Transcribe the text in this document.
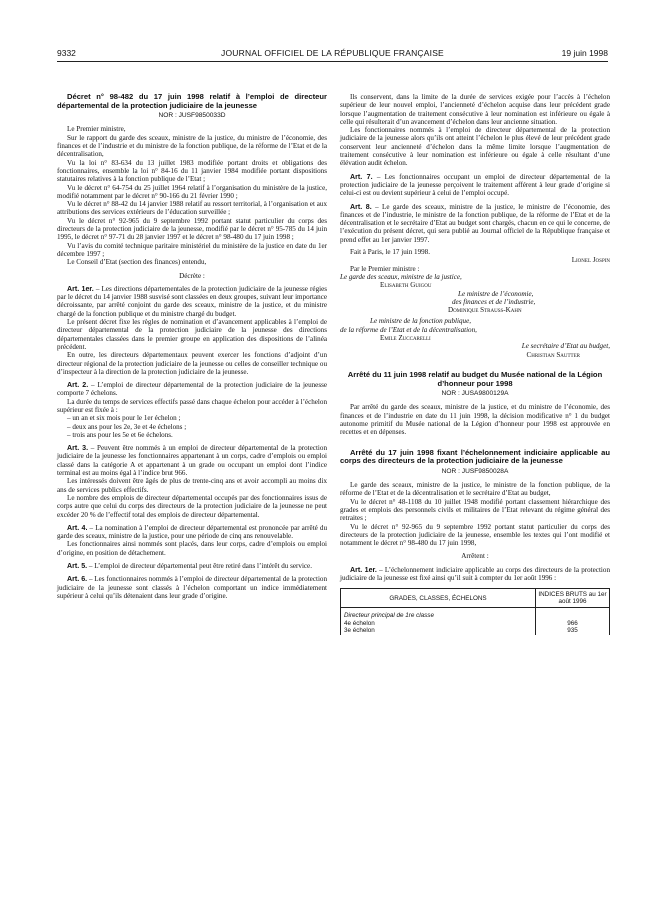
9332	JOURNAL OFFICIEL DE LA RÉPUBLIQUE FRANÇAISE	19 juin 1998

Décret n° 98-482 du 17 juin 1998 relatif à l’emploi de directeur départemental de la protection judiciaire de la jeunesse

NOR : JUSF9850033D

Le Premier ministre,

Sur le rapport du garde des sceaux, ministre de la justice, du ministre de l’économie, des finances et de l’industrie et du ministre de la fonction publique, de la réforme de l’Etat et de la décentralisation,

Vu la loi n° 83-634 du 13 juillet 1983 modifiée portant droits et obligations des fonctionnaires, ensemble la loi n° 84-16 du 11 janvier 1984 modifiée portant dispositions statutaires relatives à la fonction publique de l’Etat ;

Vu le décret n° 64-754 du 25 juillet 1964 relatif à l’organisation du ministère de la justice, modifié notamment par le décret n° 90-166 du 21 février 1990 ;

Vu le décret n° 88-42 du 14 janvier 1988 relatif au ressort territorial, à l’organisation et aux attributions des services extérieurs de l’éducation surveillée ;

Vu le décret n° 92-965 du 9 septembre 1992 portant statut particulier du corps des directeurs de la protection judiciaire de la jeunesse, modifié par le décret n° 95-785 du 14 juin 1995, le décret n° 97-71 du 28 janvier 1997 et le décret n° 98-480 du 17 juin 1998 ;

Vu l’avis du comité technique paritaire ministériel du ministère de la justice en date du 1er décembre 1997 ;

Le Conseil d’Etat (section des finances) entendu,

Décrète :

Art. 1er. – Les directions départementales de la protection judiciaire de la jeunesse régies par le décret du 14 janvier 1988 susvisé sont classées en deux groupes, suivant leur importance décroissante, par arrêté conjoint du garde des sceaux, ministre de la justice, et du ministre chargé de la fonction publique et du ministre chargé du budget.

Le présent décret fixe les règles de nomination et d’avancement applicables à l’emploi de directeur départemental de la protection judiciaire de la jeunesse des directions départementales classées dans le premier groupe en application des dispositions de l’alinéa précédent.

En outre, les directeurs départementaux peuvent exercer les fonctions d’adjoint d’un directeur régional de la protection judiciaire de la jeunesse ou celles de conseiller technique ou d’inspecteur à la direction de la protection judiciaire de la jeunesse.

Art. 2. – L’emploi de directeur départemental de la protection judiciaire de la jeunesse comporte 7 échelons.

La durée du temps de services effectifs passé dans chaque échelon pour accéder à l’échelon supérieur est fixée à :

– un an et six mois pour le 1er échelon ;

– deux ans pour les 2e, 3e et 4e échelons ;

– trois ans pour les 5e et 6e échelons.

Art. 3. – Peuvent être nommés à un emploi de directeur départemental de la protection judiciaire de la jeunesse les fonctionnaires appartenant à un corps, cadre d’emplois ou emploi classé dans la catégorie A et appartenant à un grade ou occupant un emploi dont l’indice terminal est au moins égal à l’indice brut 966.

Les intéressés doivent être âgés de plus de trente-cinq ans et avoir accompli au moins dix ans de services publics effectifs.

Le nombre des emplois de directeur départemental occupés par des fonctionnaires issus de corps autre que celui du corps des directeurs de la protection judiciaire de la jeunesse ne peut excéder 20 % de l’effectif total des emplois de directeur départemental.

Art. 4. – La nomination à l’emploi de directeur départemental est prononcée par arrêté du garde des sceaux, ministre de la justice, pour une période de cinq ans renouvelable.

Les fonctionnaires ainsi nommés sont placés, dans leur corps, cadre d’emplois ou emploi d’origine, en position de détachement.

Art. 5. – L’emploi de directeur départemental peut être retiré dans l’intérêt du service.

Art. 6. – Les fonctionnaires nommés à l’emploi de directeur départemental de la protection judiciaire de la jeunesse sont classés à l’échelon comportant un indice immédiatement supérieur à celui qu’ils détenaient dans leur grade d’origine.

Ils conservent, dans la limite de la durée de services exigée pour l’accès à l’échelon supérieur de leur nouvel emploi, l’ancienneté d’échelon acquise dans leur précédent grade lorsque l’augmentation de traitement consécutive à leur nomination est inférieure ou égale à celle qui résulterait d’un avancement d’échelon dans leur ancienne situation.

Les fonctionnaires nommés à l’emploi de directeur départemental de la protection judiciaire de la jeunesse alors qu’ils ont atteint l’échelon le plus élevé de leur précédent grade conservent leur ancienneté d’échelon dans la même limite lorsque l’augmentation de traitement consécutive à leur nomination est inférieure ou égale à celle résultant d’une élévation audit échelon.

Art. 7. – Les fonctionnaires occupant un emploi de directeur départemental de la protection judiciaire de la jeunesse perçoivent le traitement afférent à leur grade d’origine si celui-ci est ou devient supérieur à celui de l’emploi occupé.

Art. 8. – Le garde des sceaux, ministre de la justice, le ministre de l’économie, des finances et de l’industrie, le ministre de la fonction publique, de la réforme de l’Etat et de la décentralisation et le secrétaire d’Etat au budget sont chargés, chacun en ce qui le concerne, de l’exécution du présent décret, qui sera publié au Journal officiel de la République française et prend effet au 1er janvier 1997.

Fait à Paris, le 17 juin 1998.

Lionel Jospin

Par le Premier ministre :

Le garde des sceaux, ministre de la justice,

Elisabeth Guigou

Le ministre de l’économie,

des finances et de l’industrie,

Dominique Strauss-Kahn

Le ministre de la fonction publique,

de la réforme de l’Etat et de la décentralisation,

Emile Zuccarelli

Le secrétaire d’Etat au budget,

Christian Sautter

Arrêté du 11 juin 1998 relatif au budget du Musée national de la Légion d’honneur pour 1998

NOR : JUSA9800129A

Par arrêté du garde des sceaux, ministre de la justice, et du ministre de l’économie, des finances et de l’industrie en date du 11 juin 1998, la décision modificative n° 1 du budget autonome primitif du Musée national de la Légion d’honneur pour 1998 est approuvée en recettes et en dépenses.

Arrêté du 17 juin 1998 fixant l’échelonnement indiciaire applicable au corps des directeurs de la protection judiciaire de la jeunesse

NOR : JUSF9850028A

Le garde des sceaux, ministre de la justice, le ministre de la fonction publique, de la réforme de l’Etat et de la décentralisation et le secrétaire d’Etat au budget,

Vu le décret n° 48-1108 du 10 juillet 1948 modifié portant classement hiérarchique des grades et emplois des personnels civils et militaires de l’Etat relevant du régime général des retraites ;

Vu le décret n° 92-965 du 9 septembre 1992 portant statut particulier du corps des directeurs de la protection judiciaire de la jeunesse, ensemble les textes qui l’ont modifié et notamment le décret n° 98-480 du 17 juin 1998,

Arrêtent :

Art. 1er. – L’échelonnement indiciaire applicable au corps des directeurs de la protection judiciaire de la jeunesse est fixé ainsi qu’il suit à compter du 1er août 1996 :

GRADES, CLASSES, ÉCHELONS	INDICES BRUTS au 1er août 1996
Directeur principal de 1re classe	
4e échelon	966
3e échelon	935
